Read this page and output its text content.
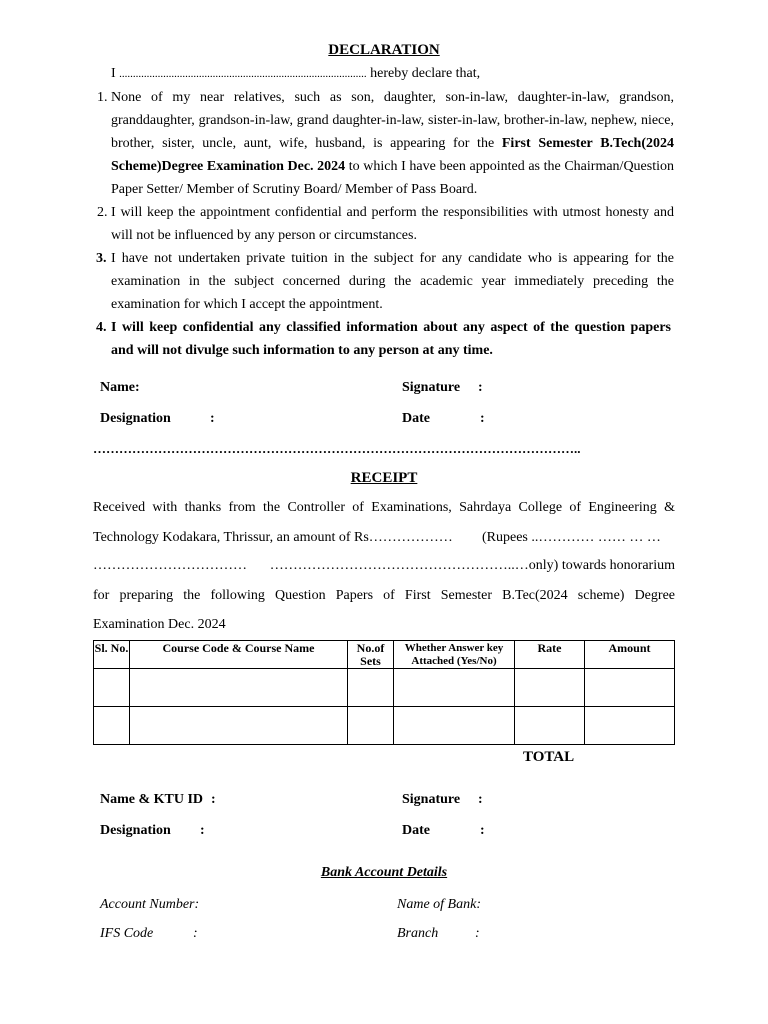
DECLARATION
I .......................................................................................... hereby declare that,
1. None of my near relatives, such as son, daughter, son-in-law, daughter-in-law, grandson, granddaughter, grandson-in-law, grand daughter-in-law, sister-in-law, brother-in-law, nephew, niece, brother, sister, uncle, aunt, wife, husband, is appearing for the First Semester B.Tech(2024 Scheme)Degree Examination Dec. 2024 to which I have been appointed as the Chairman/Question Paper Setter/ Member of Scrutiny Board/ Member of Pass Board.
2. I will keep the appointment confidential and perform the responsibilities with utmost honesty and will not be influenced by any person or circumstances.
3. I have not undertaken private tuition in the subject for any candidate who is appearing for the examination in the subject concerned during the academic year immediately preceding the examination for which I accept the appointment.
4. I will keep confidential any classified information about any aspect of the question papers and will not divulge such information to any person at any time.
Name:	Signature :
Designation	:	Date	:
…………………………………………………………………………………………………..
RECEIPT
Received with thanks from the Controller of Examinations, Sahrdaya College of Engineering &
Technology Kodakara, Thrissur, an amount of Rs……………… (Rupees ..………… …… … …
…………………………… ……………………………………………..…only) towards honorarium
for preparing the following Question Papers of First Semester B.Tec(2024 scheme) Degree
Examination Dec. 2024
Sl. No.	Course Code & Course Name	No.of Sets	Whether Answer key Attached (Yes/No)	Rate	Amount

TOTAL
Name & KTU ID :	Signature :
Designation :	Date	:
Bank Account Details
Account Number:	Name of Bank:
IFS Code	:	Branch	:
